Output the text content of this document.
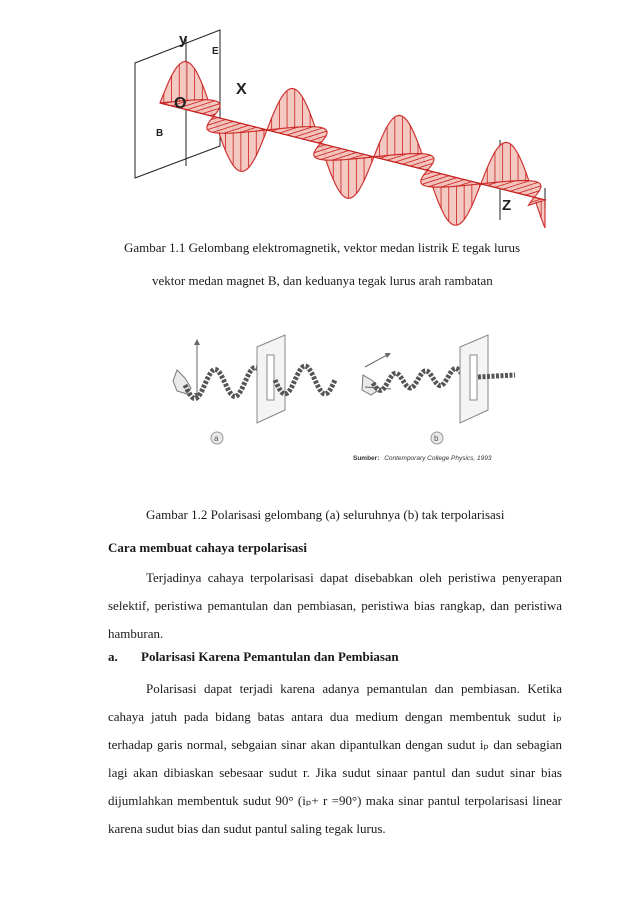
y
E
O
X
B
Z
Gambar 1.1 Gelombang elektromagnetik, vektor medan listrik E tegak lurus
vektor medan magnet B, dan keduanya tegak lurus arah rambatan
a	b
Sumber: Contemporary College Physics, 1993
Gambar 1.2 Polarisasi gelombang (a) seluruhnya (b) tak terpolarisasi
Cara membuat cahaya terpolarisasi
Terjadinya cahaya terpolarisasi dapat disebabkan oleh peristiwa penyerapan
selektif, peristiwa pemantulan dan pembiasan, peristiwa bias rangkap, dan peristiwa
hamburan.
a. Polarisasi Karena Pemantulan dan Pembiasan
Polarisasi dapat terjadi karena adanya pemantulan dan pembiasan. Ketika
cahaya jatuh pada bidang batas antara dua medium dengan membentuk sudut iₚ
terhadap garis normal, sebgaian sinar akan dipantulkan dengan sudut iₚ dan sebagian
lagi akan dibiaskan sebesaar sudut r. Jika sudut sinaar pantul dan sudut sinar bias
dijumlahkan membentuk sudut 90° (iₚ+ r =90°) maka sinar pantul terpolarisasi linear
karena sudut bias dan sudut pantul saling tegak lurus.
